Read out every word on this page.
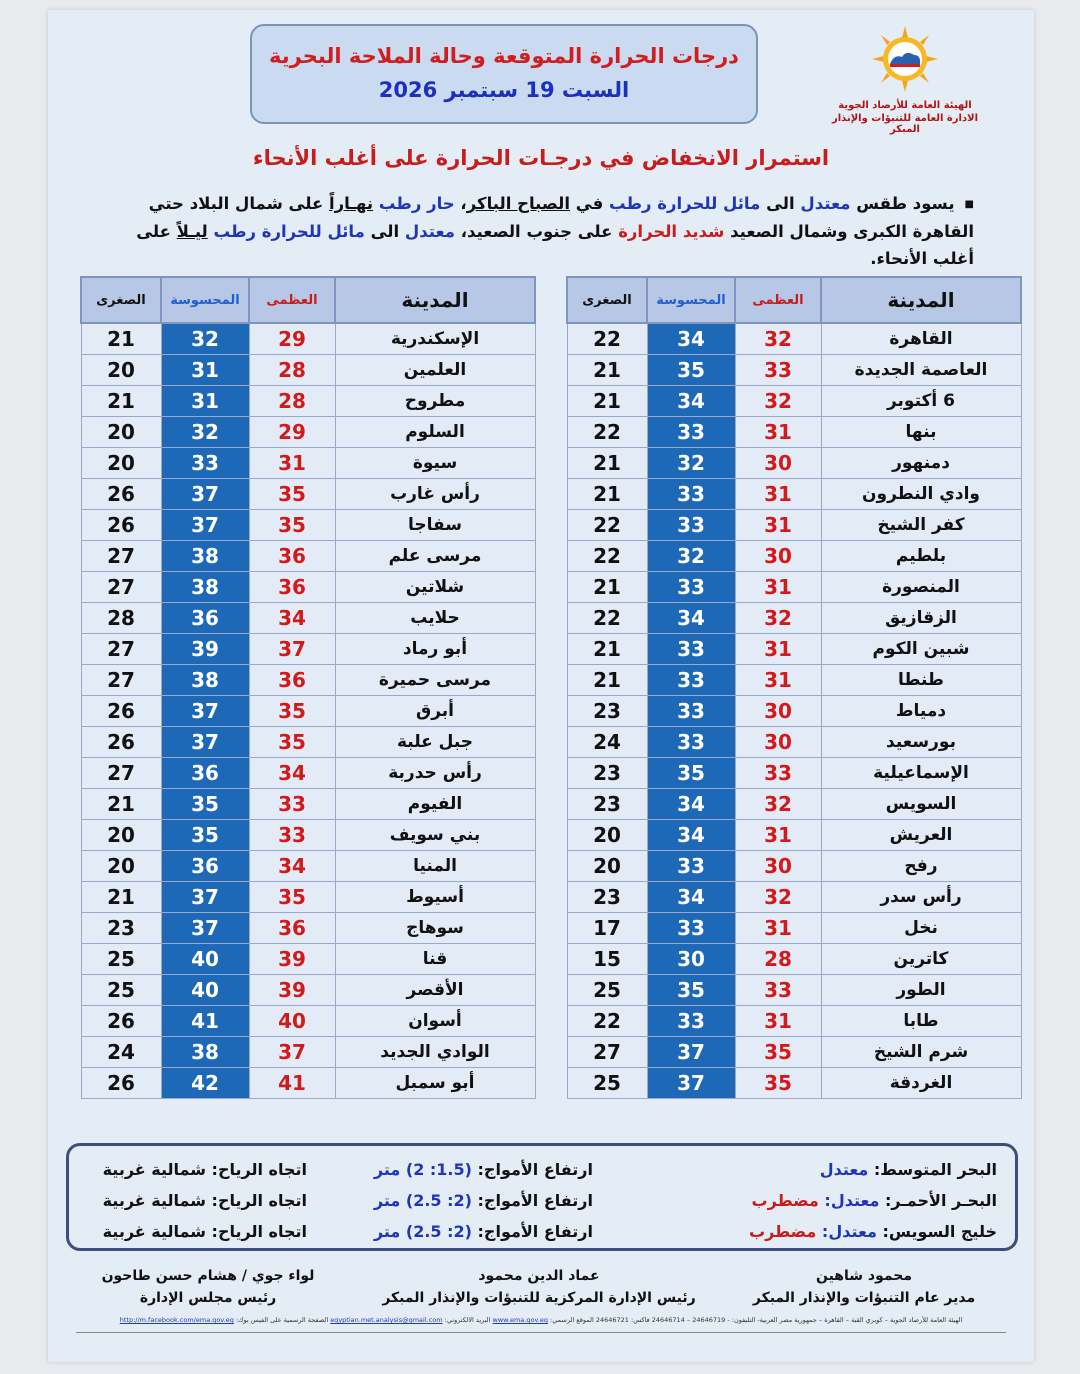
درجات الحرارة المتوقعة وحالة الملاحة البحرية
السبت 19 سبتمبر 2026
الهيئة العامة للأرصاد الجوية
الادارة العامة للتنبؤات والإنذار المبكر
استمرار الانخفاض في درجـات الحرارة على أغلب الأنحاء
■يسود طقس معتدل الى مائل للحرارة رطب في الصباح الباكر، حار رطب نهـاراً على شمال البلاد حتي القاهرة الكبرى وشمال الصعيد شديد الحرارة على جنوب الصعيد، معتدل الى مائل للحرارة رطب ليـلاً على أغلب الأنحاء.
المدينة	العظمى	المحسوسة	الصغرى
القاهرة	32	34	22
العاصمة الجديدة	33	35	21
6 أكتوبر	32	34	21
بنها	31	33	22
دمنهور	30	32	21
وادي النطرون	31	33	21
كفر الشيخ	31	33	22
بلطيم	30	32	22
المنصورة	31	33	21
الزقازيق	32	34	22
شبين الكوم	31	33	21
طنطا	31	33	21
دمياط	30	33	23
بورسعيد	30	33	24
الإسماعيلية	33	35	23
السويس	32	34	23
العريش	31	34	20
رفح	30	33	20
رأس سدر	32	34	23
نخل	31	33	17
كاترين	28	30	15
الطور	33	35	25
طابا	31	33	22
شرم الشيخ	35	37	27
الغردقة	35	37	25
المدينة	العظمى	المحسوسة	الصغرى
الإسكندرية	29	32	21
العلمين	28	31	20
مطروح	28	31	21
السلوم	29	32	20
سيوة	31	33	20
رأس غارب	35	37	26
سفاجا	35	37	26
مرسى علم	36	38	27
شلاتين	36	38	27
حلايب	34	36	28
أبو رماد	37	39	27
مرسى حميرة	36	38	27
أبرق	35	37	26
جبل علبة	35	37	26
رأس حدربة	34	36	27
الفيوم	33	35	21
بني سويف	33	35	20
المنيا	34	36	20
أسيوط	35	37	21
سوهاج	36	37	23
قنا	39	40	25
الأقصر	39	40	25
أسوان	40	41	26
الوادي الجديد	37	38	24
أبو سمبل	41	42	26
البحر المتوسط: معتدل
ارتفاع الأمواج: (1.5: 2) متر
اتجاه الرياح: شمالية غربية
البحـر الأحمـر: معتدل: مضطرب
ارتفاع الأمواج: (2: 2.5) متر
اتجاه الرياح: شمالية غربية
خليج السويس: معتدل: مضطرب
ارتفاع الأمواج: (2: 2.5) متر
اتجاه الرياح: شمالية غربية
محمود شاهين
مدير عام التنبؤات والإنذار المبكر
عماد الدين محمود
رئيس الإدارة المركزية للتنبؤات والإنذار المبكر
لواء جوي / هشام حسن طاحون
رئيس مجلس الإدارة
الهيئة العامة للأرصاد الجوية – كوبري القبة – القاهرة – جمهورية مصر العربية- التليفون: - 24646719 – 24646714 فاكس: 24646721 الموقع الرسمي: www.ema.gov.eg البريد الالكتروني: egyptian.met.analysis@gmail.com الصفحة الرسمية على الفيس بوك: http://m.facebook.com/ema.gov.eg
